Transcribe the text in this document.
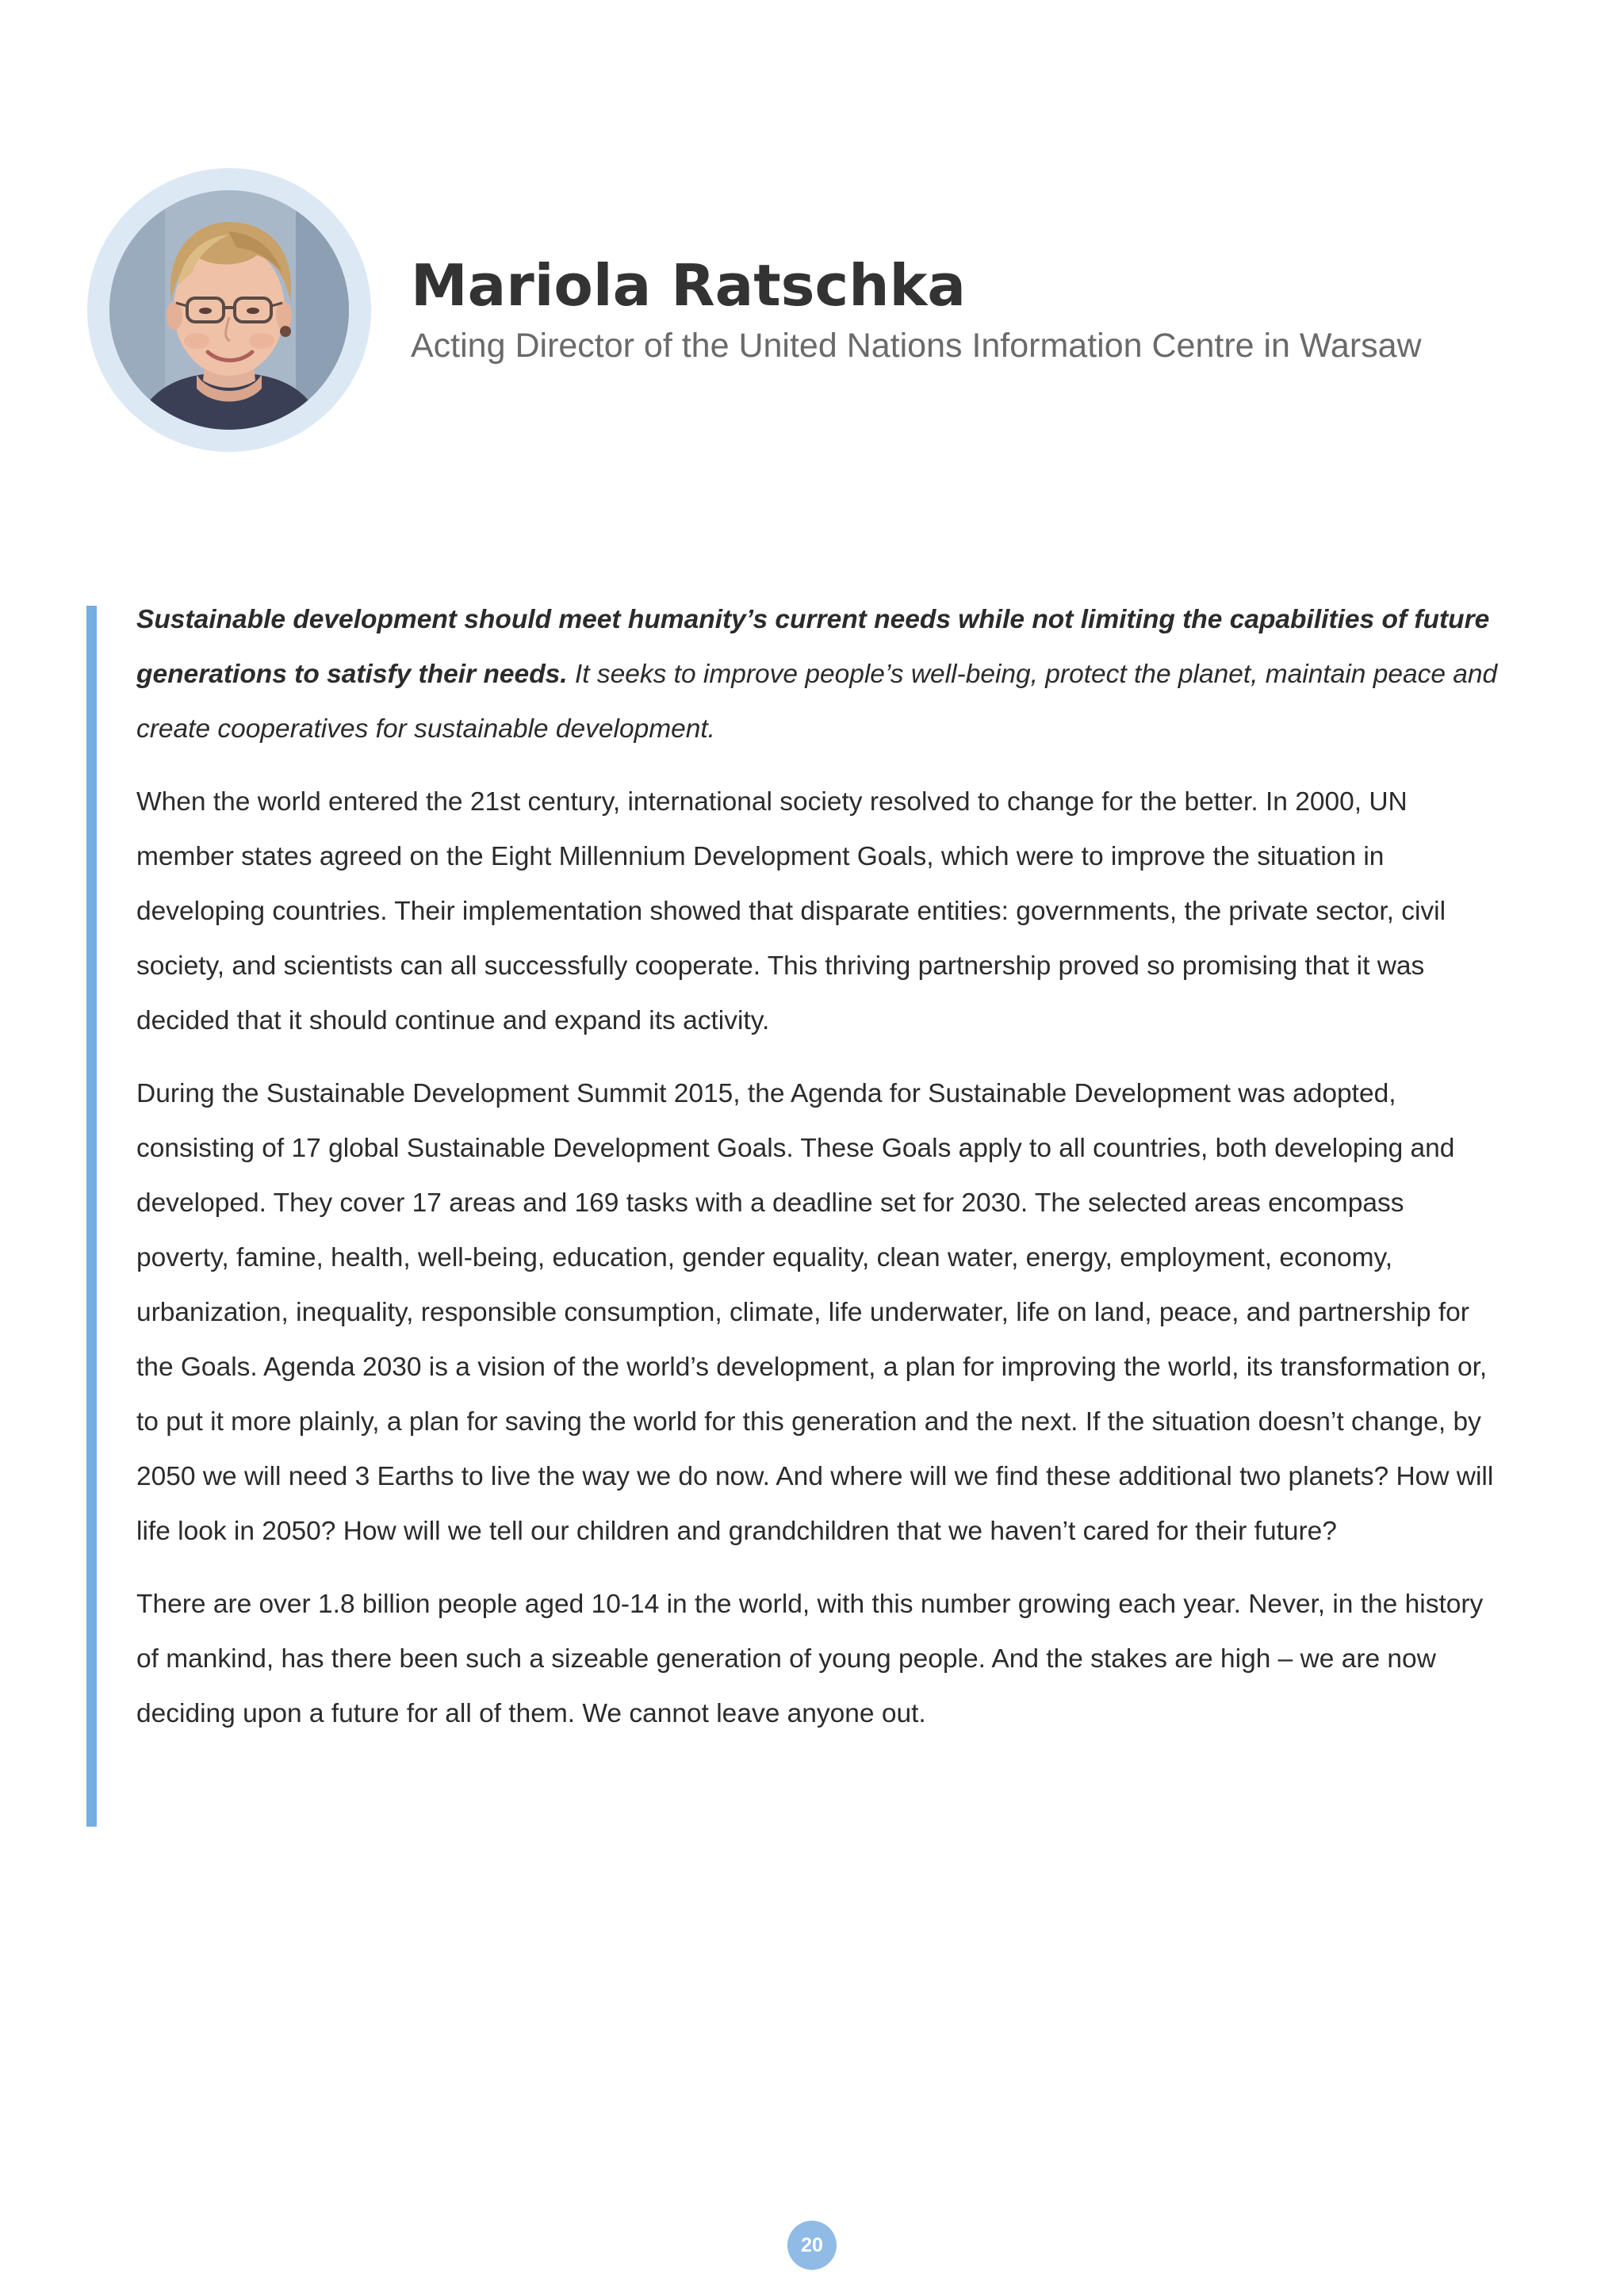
Mariola Ratschka

Acting Director of the United Nations Information Centre in Warsaw

Sustainable development should meet humanity’s current needs while not limiting the capabilities of future generations to satisfy their needs. It seeks to improve people’s well-being, protect the planet, maintain peace and create cooperatives for sustainable development.

When the world entered the 21st century, international society resolved to change for the better. In 2000, UN member states agreed on the Eight Millennium Development Goals, which were to improve the situation in developing countries. Their implementation showed that disparate entities: governments, the private sector, civil society, and scientists can all successfully cooperate. This thriving partnership proved so promising that it was decided that it should continue and expand its activity.

During the Sustainable Development Summit 2015, the Agenda for Sustainable Development was adopted, consisting of 17 global Sustainable Development Goals. These Goals apply to all countries, both developing and developed. They cover 17 areas and 169 tasks with a deadline set for 2030. The selected areas encompass poverty, famine, health, well-being, education, gender equality, clean water, energy, employment, economy, urbanization, inequality, responsible consumption, climate, life underwater, life on land, peace, and partnership for the Goals. Agenda 2030 is a vision of the world’s development, a plan for improving the world, its transformation or, to put it more plainly, a plan for saving the world for this generation and the next. If the situation doesn’t change, by 2050 we will need 3 Earths to live the way we do now. And where will we find these additional two planets? How will life look in 2050? How will we tell our children and grandchildren that we haven’t cared for their future?

There are over 1.8 billion people aged 10-14 in the world, with this number growing each year. Never, in the history of mankind, has there been such a sizeable generation of young people. And the stakes are high – we are now deciding upon a future for all of them. We cannot leave anyone out.

20
